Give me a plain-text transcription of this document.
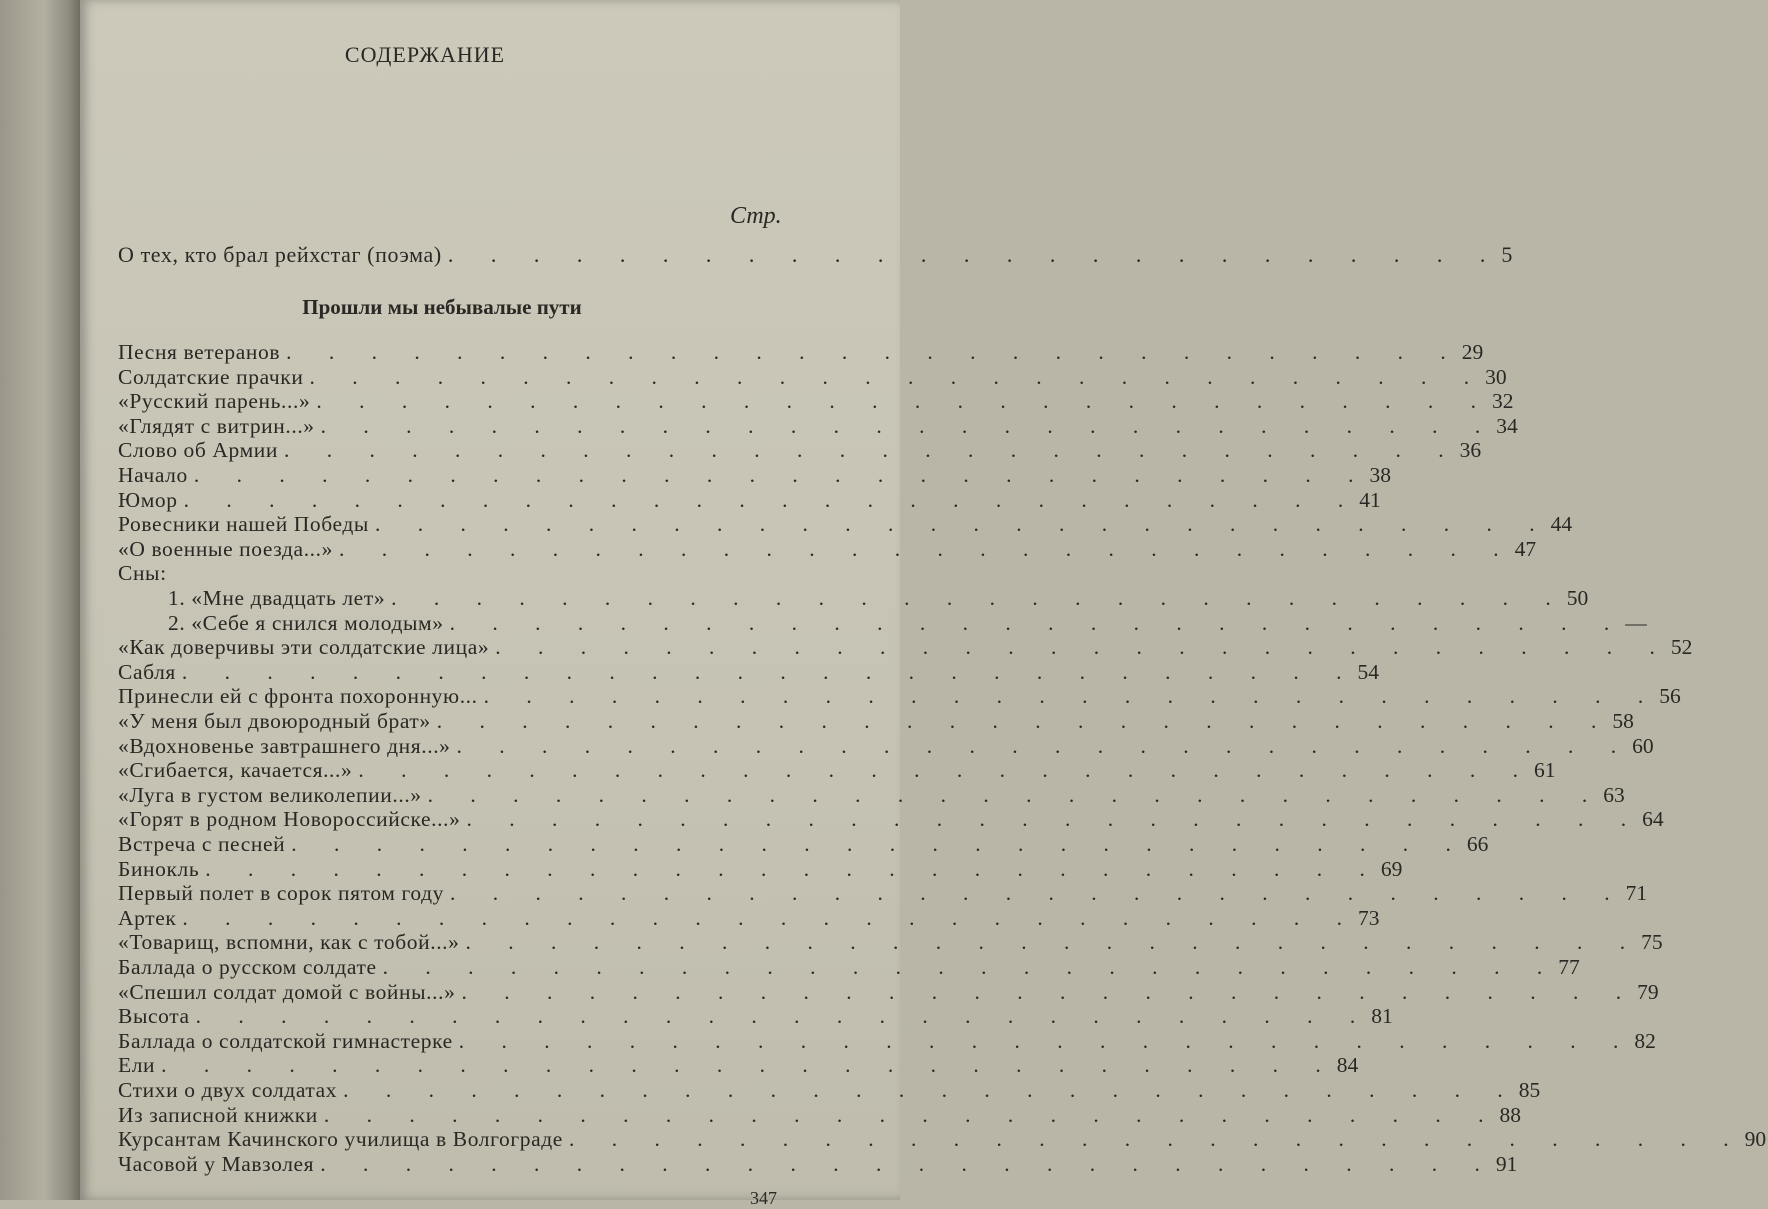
СОДЕРЖАНИЕ
Стр.
О тех, кто брал рейхстаг (поэма) . . . . . . . . . . . . . . . . . . . . . . . . . 5
Прошли мы небывалые пути
Песня ветеранов . . . . . . . . . . . . . . . . . . . . . . . . . . . . 29
Солдатские прачки . . . . . . . . . . . . . . . . . . . . . . . . . . . . 30
«Русский парень...» . . . . . . . . . . . . . . . . . . . . . . . . . . . . 32
«Глядят с витрин...» . . . . . . . . . . . . . . . . . . . . . . . . . . . . 34
Слово об Армии . . . . . . . . . . . . . . . . . . . . . . . . . . . . 36
Начало . . . . . . . . . . . . . . . . . . . . . . . . . . . . 38
Юмор . . . . . . . . . . . . . . . . . . . . . . . . . . . . 41
Ровесники нашей Победы . . . . . . . . . . . . . . . . . . . . . . . . . . . . 44
«О военные поезда...» . . . . . . . . . . . . . . . . . . . . . . . . . . . . 47
Сны:
1. «Мне двадцать лет» . . . . . . . . . . . . . . . . . . . . . . . . . . . . 50
2. «Себе я снился молодым» . . . . . . . . . . . . . . . . . . . . . . . . . . . . —
«Как доверчивы эти солдатские лица» . . . . . . . . . . . . . . . . . . . . . . . . . . . . 52
Сабля . . . . . . . . . . . . . . . . . . . . . . . . . . . . 54
Принесли ей с фронта похоронную... . . . . . . . . . . . . . . . . . . . . . . . . . . . . 56
«У меня был двоюродный брат» . . . . . . . . . . . . . . . . . . . . . . . . . . . . 58
«Вдохновенье завтрашнего дня...» . . . . . . . . . . . . . . . . . . . . . . . . . . . . 60
«Сгибается, качается...» . . . . . . . . . . . . . . . . . . . . . . . . . . . . 61
«Луга в густом великолепии...» . . . . . . . . . . . . . . . . . . . . . . . . . . . . 63
«Горят в родном Новороссийске...» . . . . . . . . . . . . . . . . . . . . . . . . . . . . 64
Встреча с песней . . . . . . . . . . . . . . . . . . . . . . . . . . . . 66
Бинокль . . . . . . . . . . . . . . . . . . . . . . . . . . . . 69
Первый полет в сорок пятом году . . . . . . . . . . . . . . . . . . . . . . . . . . . . 71
Артек . . . . . . . . . . . . . . . . . . . . . . . . . . . . 73
«Товарищ, вспомни, как с тобой...» . . . . . . . . . . . . . . . . . . . . . . . . . . . . 75
Баллада о русском солдате . . . . . . . . . . . . . . . . . . . . . . . . . . . . 77
«Спешил солдат домой с войны...» . . . . . . . . . . . . . . . . . . . . . . . . . . . . 79
Высота . . . . . . . . . . . . . . . . . . . . . . . . . . . . 81
Баллада о солдатской гимнастерке . . . . . . . . . . . . . . . . . . . . . . . . . . . . 82
Ели . . . . . . . . . . . . . . . . . . . . . . . . . . . . 84
Стихи о двух солдатах . . . . . . . . . . . . . . . . . . . . . . . . . . . . 85
Из записной книжки . . . . . . . . . . . . . . . . . . . . . . . . . . . . 88
Курсантам Качинского училища в Волгограде . . . . . . . . . . . . . . . . . . . . . . . . . . . . 90
Часовой у Мавзолея . . . . . . . . . . . . . . . . . . . . . . . . . . . . 91
347
